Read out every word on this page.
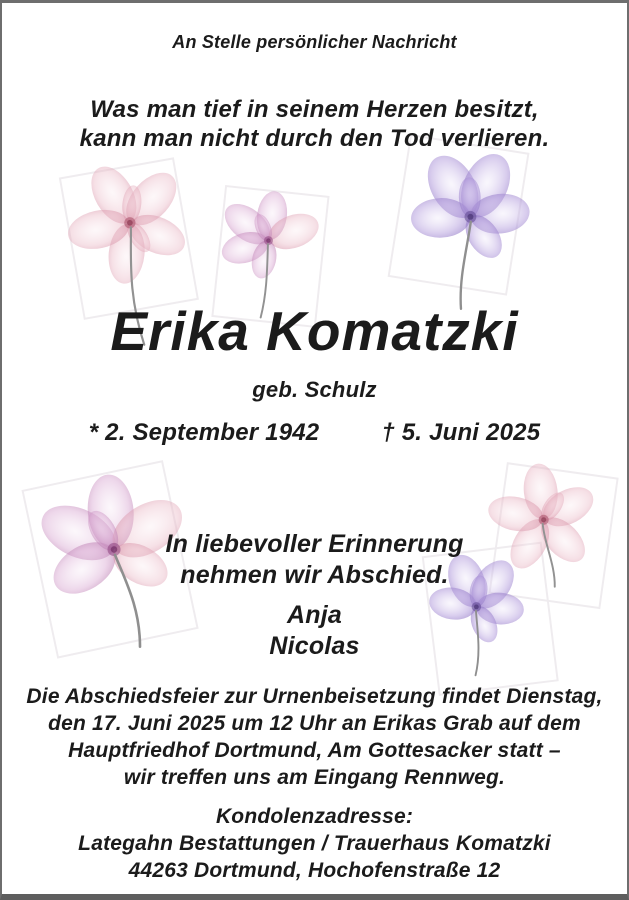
An Stelle persönlicher Nachricht
Was man tief in seinem Herzen besitzt,
kann man nicht durch den Tod verlieren.
Erika Komatzki
geb. Schulz
* 2. September 1942	† 5. Juni 2025
In liebevoller Erinnerung
nehmen wir Abschied.
Anja
Nicolas
Die Abschiedsfeier zur Urnenbeisetzung findet Dienstag,
den 17. Juni 2025 um 12 Uhr an Erikas Grab auf dem
Hauptfriedhof Dortmund, Am Gottesacker statt –
wir treffen uns am Eingang Rennweg.
Kondolenzadresse:
Lategahn Bestattungen / Trauerhaus Komatzki
44263 Dortmund, Hochofenstraße 12
